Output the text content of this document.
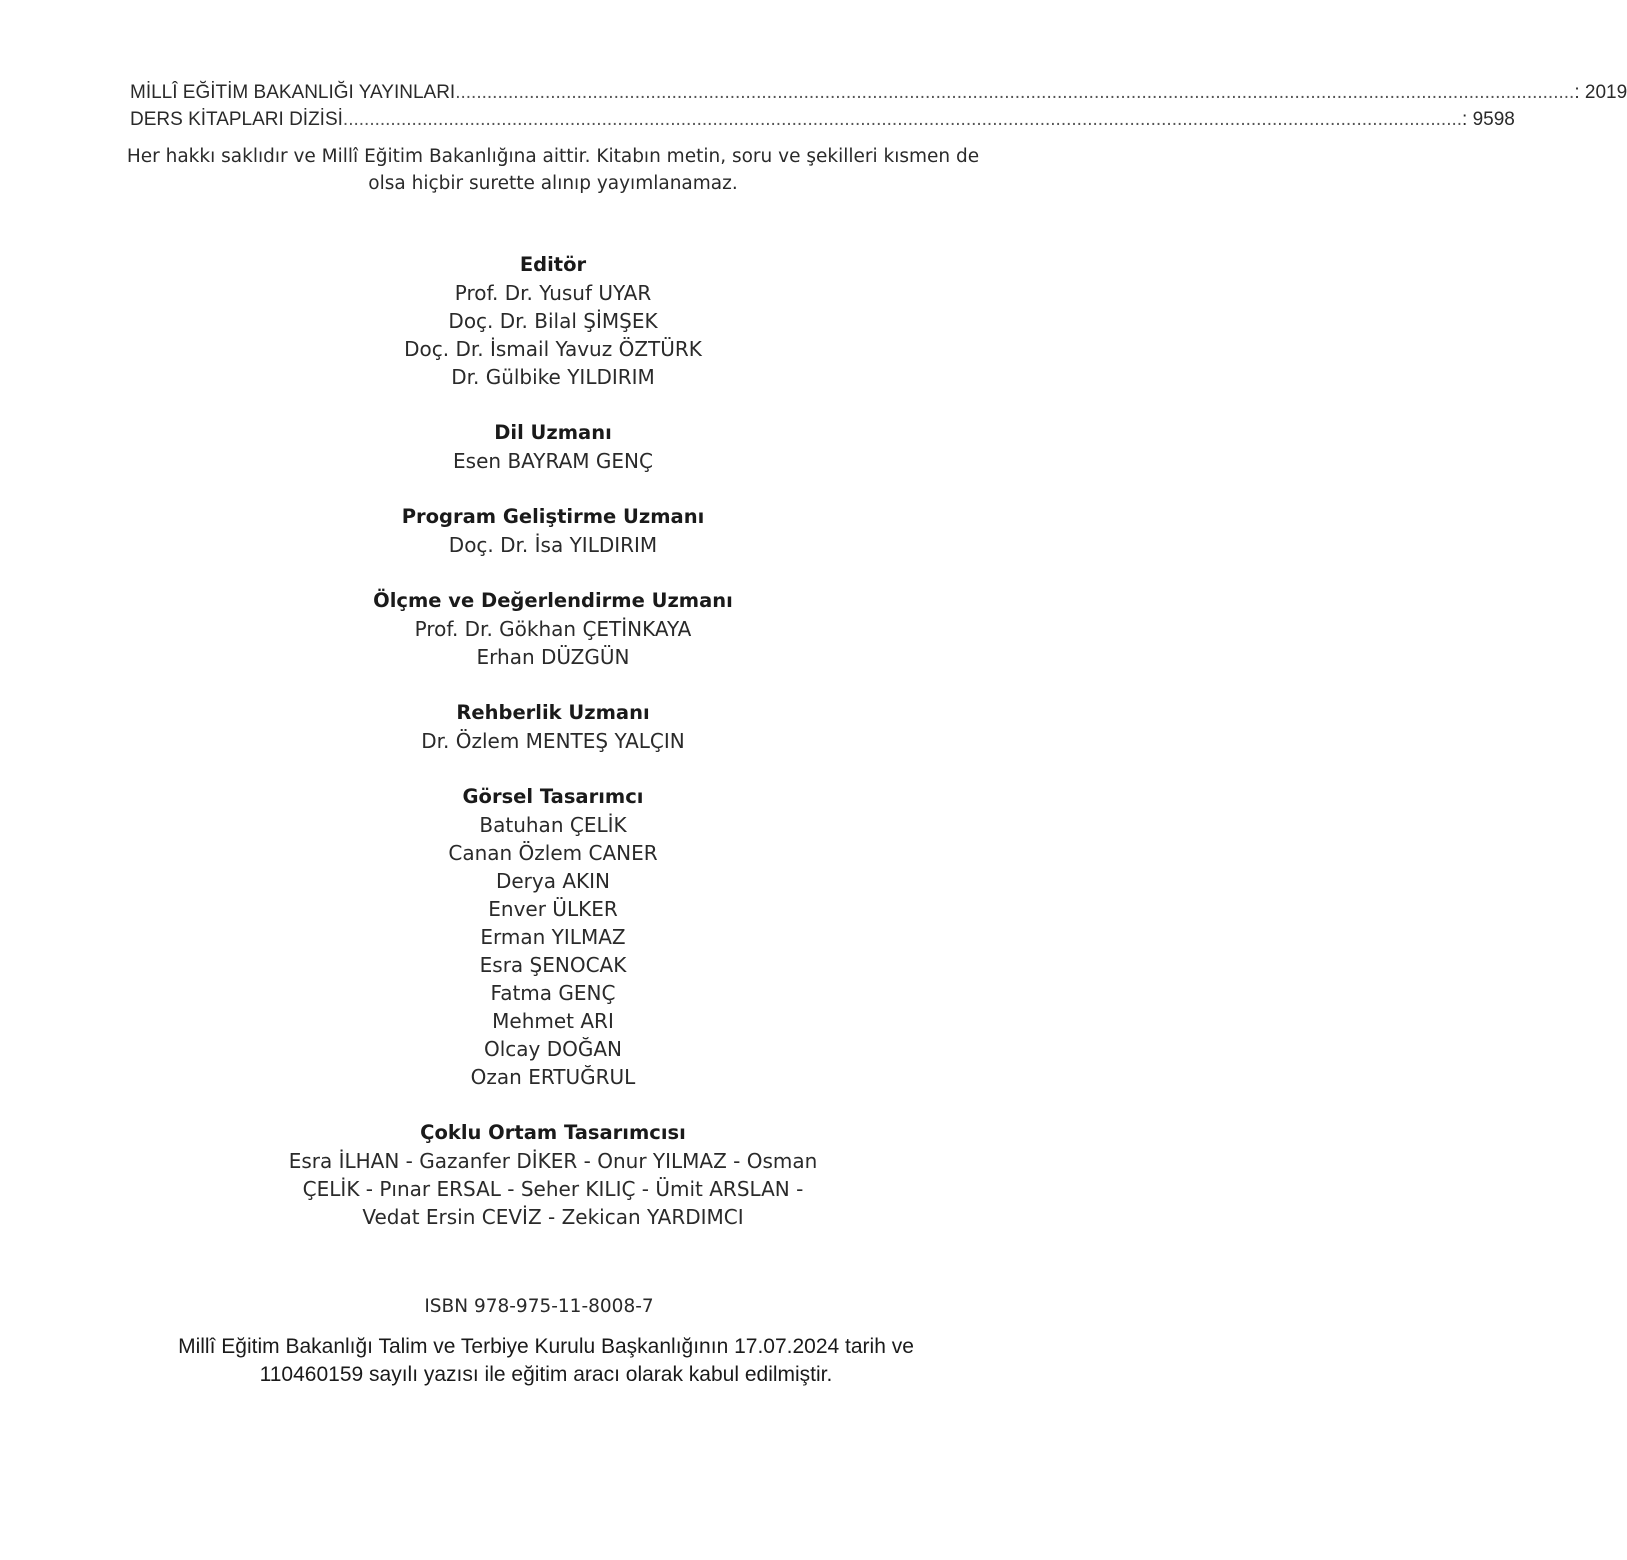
MİLLÎ EĞİTİM BAKANLIĞI YAYINLARI .................................................................................................................................................................................................................... : 2019
DERS KİTAPLARI DİZİSİ .................................................................................................................................................................................................................... : 9598
Her hakkı saklıdır ve Millî Eğitim Bakanlığına aittir. Kitabın metin, soru ve şekilleri kısmen de olsa hiçbir surette alınıp yayımlanamaz.
Editör
Prof. Dr. Yusuf UYAR
Doç. Dr. Bilal ŞİMŞEK
Doç. Dr. İsmail Yavuz ÖZTÜRK
Dr. Gülbike YILDIRIM
Dil Uzmanı
Esen BAYRAM GENÇ
Program Geliştirme Uzmanı
Doç. Dr. İsa YILDIRIM
Ölçme ve Değerlendirme Uzmanı
Prof. Dr. Gökhan ÇETİNKAYA
Erhan DÜZGÜN
Rehberlik Uzmanı
Dr. Özlem MENTEŞ YALÇIN
Görsel Tasarımcı
Batuhan ÇELİK
Canan Özlem CANER
Derya AKIN
Enver ÜLKER
Erman YILMAZ
Esra ŞENOCAK
Fatma GENÇ
Mehmet ARI
Olcay DOĞAN
Ozan ERTUĞRUL
Çoklu Ortam Tasarımcısı
Esra İLHAN - Gazanfer DİKER - Onur YILMAZ - Osman ÇELİK - Pınar ERSAL - Seher KILIÇ - Ümit ARSLAN - Vedat Ersin CEVİZ - Zekican YARDIMCI
ISBN 978-975-11-8008-7
Millî Eğitim Bakanlığı Talim ve Terbiye Kurulu Başkanlığının 17.07.2024 tarih ve 110460159 sayılı yazısı ile eğitim aracı olarak kabul edilmiştir.
